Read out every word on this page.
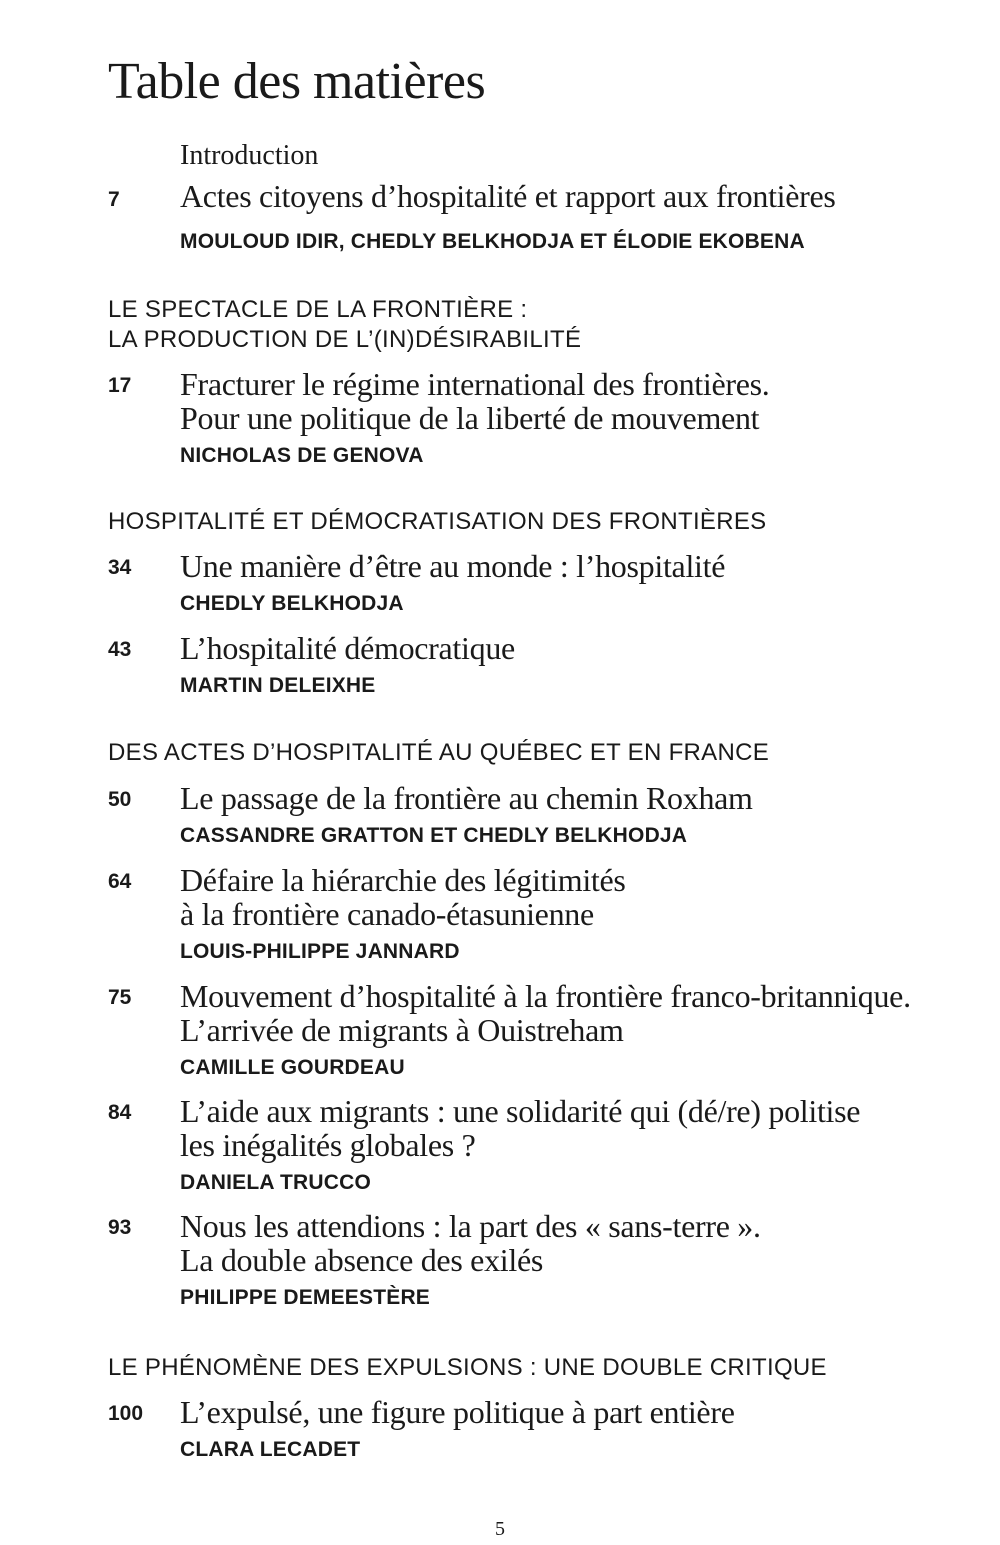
Table des matières
Introduction
7	Actes citoyens d’hospitalité et rapport aux frontières
MOULOUD IDIR, CHEDLY BELKHODJA ET ÉLODIE EKOBENA
LE SPECTACLE DE LA FRONTIÈRE :
LA PRODUCTION DE L’(IN)DÉSIRABILITÉ
17	Fracturer le régime international des frontières.
Pour une politique de la liberté de mouvement
NICHOLAS DE GENOVA
HOSPITALITÉ ET DÉMOCRATISATION DES FRONTIÈRES
34	Une manière d’être au monde : l’hospitalité
CHEDLY BELKHODJA
43	L’hospitalité démocratique
MARTIN DELEIXHE
DES ACTES D’HOSPITALITÉ AU QUÉBEC ET EN FRANCE
50	Le passage de la frontière au chemin Roxham
CASSANDRE GRATTON ET CHEDLY BELKHODJA
64	Défaire la hiérarchie des légitimités
à la frontière canado-étasunienne
LOUIS-PHILIPPE JANNARD
75	Mouvement d’hospitalité à la frontière franco-britannique.
L’arrivée de migrants à Ouistreham
CAMILLE GOURDEAU
84	L’aide aux migrants : une solidarité qui (dé/re) politise
les inégalités globales ?
DANIELA TRUCCO
93	Nous les attendions : la part des « sans-terre ».
La double absence des exilés
PHILIPPE DEMEESTÈRE
LE PHÉNOMÈNE DES EXPULSIONS : UNE DOUBLE CRITIQUE
100	L’expulsé, une figure politique à part entière
CLARA LECADET
5
